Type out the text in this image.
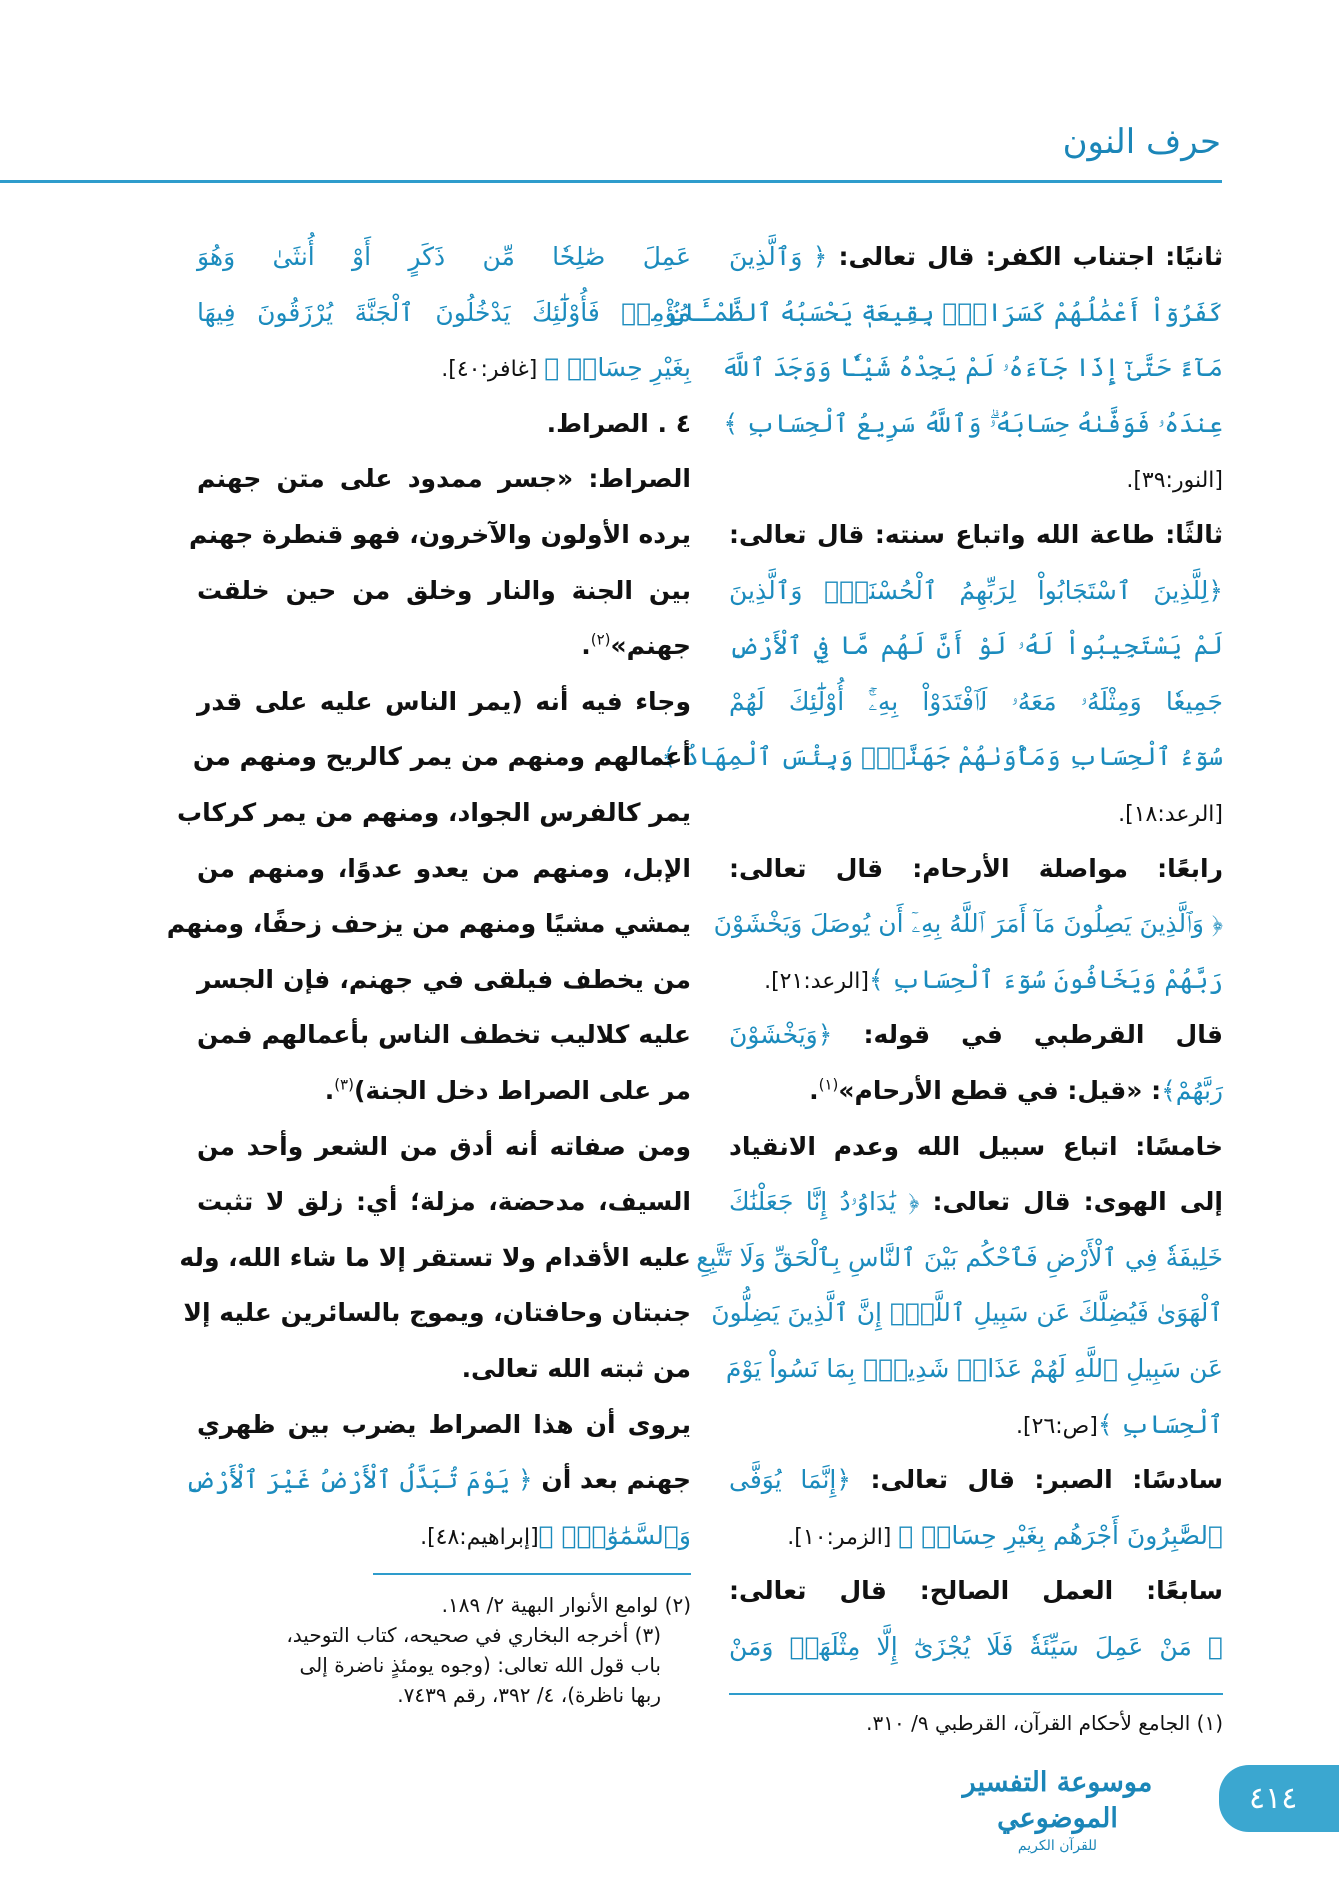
حرف النون
ثانيًا: اجتناب الكفر: قال تعالى: ﴿ وَٱلَّذِينَ
كَفَرُوٓاْ أَعْمَٰلُهُمْ كَسَرَابٍۭ بِقِيعَةٖ يَحْسَبُهُ ٱلظَّمْـَٔانُ
مَآءً حَتَّىٰٓ إِذَا جَآءَهُۥ لَمْ يَجِدْهُ شَيْـٔٗا وَوَجَدَ ٱللَّهَ
عِندَهُۥ فَوَفَّىٰهُ حِسَابَهُۥۗ وَٱللَّهُ سَرِيعُ ٱلْحِسَابِ ﴾
[النور:٣٩].
ثالثًا: طاعة الله واتباع سنته: قال تعالى:
﴿لِلَّذِينَ ٱسْتَجَابُواْ لِرَبِّهِمُ ٱلْحُسْنَىٰۚ وَٱلَّذِينَ
لَمْ يَسْتَجِيبُواْ لَهُۥ لَوْ أَنَّ لَهُم مَّا فِي ٱلْأَرْضِ
جَمِيعٗا وَمِثْلَهُۥ مَعَهُۥ لَٱفْتَدَوْاْ بِهِۦٓۚ أُوْلَٰٓئِكَ لَهُمْ
سُوٓءُ ٱلْحِسَابِ وَمَأْوَىٰهُمْ جَهَنَّمُۖ وَبِئْسَ ٱلْمِهَادُ ﴾
[الرعد:١٨].
رابعًا: مواصلة الأرحام: قال تعالى:
﴿ وَٱلَّذِينَ يَصِلُونَ مَآ أَمَرَ ٱللَّهُ بِهِۦٓ أَن يُوصَلَ وَيَخْشَوْنَ
رَبَّهُمْ وَيَخَافُونَ سُوٓءَ ٱلْحِسَابِ ﴾[الرعد:٢١].
قال القرطبي في قوله: ﴿وَيَخْشَوْنَ
رَبَّهُمْ﴾: «قيل: في قطع الأرحام»$^{(١)}$.
خامسًا: اتباع سبيل الله وعدم الانقياد
إلى الهوى: قال تعالى: ﴿ يَٰدَاوُۥدُ إِنَّا جَعَلْنَٰكَ
خَلِيفَةٗ فِي ٱلْأَرْضِ فَٱحْكُم بَيْنَ ٱلنَّاسِ بِٱلْحَقِّ وَلَا تَتَّبِعِ
ٱلْهَوَىٰ فَيُضِلَّكَ عَن سَبِيلِ ٱللَّهِۚ إِنَّ ٱلَّذِينَ يَضِلُّونَ
عَن سَبِيلِ ٱللَّهِ لَهُمْ عَذَابٞ شَدِيدُۢ بِمَا نَسُواْ يَوْمَ
ٱلْحِسَابِ ﴾[ص:٢٦].
سادسًا: الصبر: قال تعالى: ﴿إِنَّمَا يُوَفَّى
ٱلصَّٰبِرُونَ أَجْرَهُم بِغَيْرِ حِسَابٖ ﴾ [الزمر:١٠].
سابعًا: العمل الصالح: قال تعالى:
﴿ مَنْ عَمِلَ سَيِّئَةٗ فَلَا يُجْزَىٰٓ إِلَّا مِثْلَهَاۖ وَمَنْ
(١) الجامع لأحكام القرآن، القرطبي ٩/ ٣١٠.
عَمِلَ صَٰلِحٗا مِّن ذَكَرٍ أَوْ أُنثَىٰ وَهُوَ
مُؤْمِنٞ فَأُوْلَٰٓئِكَ يَدْخُلُونَ ٱلْجَنَّةَ يُرْزَقُونَ فِيهَا
بِغَيْرِ حِسَابٖ ﴾ [غافر:٤٠].
٤ . الصراط.
الصراط: «جسر ممدود على متن جهنم
يرده الأولون والآخرون، فهو قنطرة جهنم
بين الجنة والنار وخلق من حين خلقت
جهنم»$^{(٢)}$.
وجاء فيه أنه (يمر الناس عليه على قدر
أعمالهم ومنهم من يمر كالريح ومنهم من
يمر كالفرس الجواد، ومنهم من يمر كركاب
الإبل، ومنهم من يعدو عدوًا، ومنهم من
يمشي مشيًا ومنهم من يزحف زحفًا، ومنهم
من يخطف فيلقى في جهنم، فإن الجسر
عليه كلاليب تخطف الناس بأعمالهم فمن
مر على الصراط دخل الجنة)$^{(٣)}$.
ومن صفاته أنه أدق من الشعر وأحد من
السيف، مدحضة، مزلة؛ أي: زلق لا تثبت
عليه الأقدام ولا تستقر إلا ما شاء الله، وله
جنبتان وحافتان، ويموج بالسائرين عليه إلا
من ثبته الله تعالى.
يروى أن هذا الصراط يضرب بين ظهري
جهنم بعد أن ﴿ يَوْمَ تُبَدَّلُ ٱلْأَرْضُ غَيْرَ ٱلْأَرْضِ
وَٱلسَّمَٰوَٰتُۖ ﴾[إبراهيم:٤٨].
(٢) لوامع الأنوار البهية ٢/ ١٨٩.
(٣) أخرجه البخاري في صحيحه، كتاب التوحيد،
باب قول الله تعالى: (وجوه يومئذٍ ناضرة إلى
ربها ناظرة)، ٤/ ٣٩٢، رقم ٧٤٣٩.
موسوعة التفسير الموضوعي
للقرآن الكريم
٤١٤
